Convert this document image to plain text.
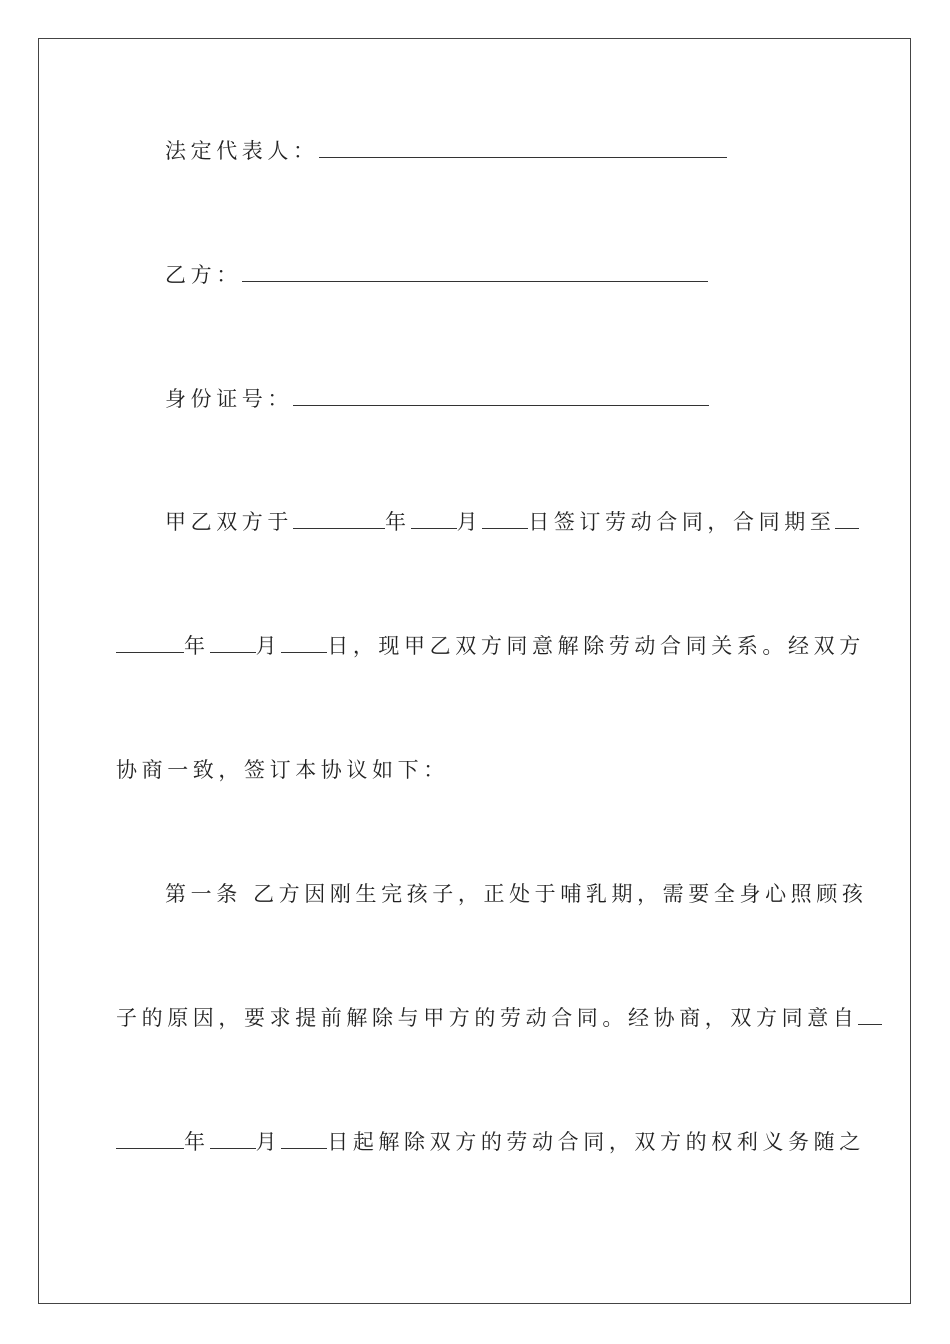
法定代表人：
乙方：
身份证号：
甲乙双方于	年 月 日签订劳动合同，合同期至
年 月 日，现甲乙双方同意解除劳动合同关系。经双方
协商一致，签订本协议如下：
第一条 乙方因刚生完孩子，正处于哺乳期，需要全身心照顾孩
子的原因，要求提前解除与甲方的劳动合同。经协商，双方同意自
年 月 日起解除双方的劳动合同，双方的权利义务随之
